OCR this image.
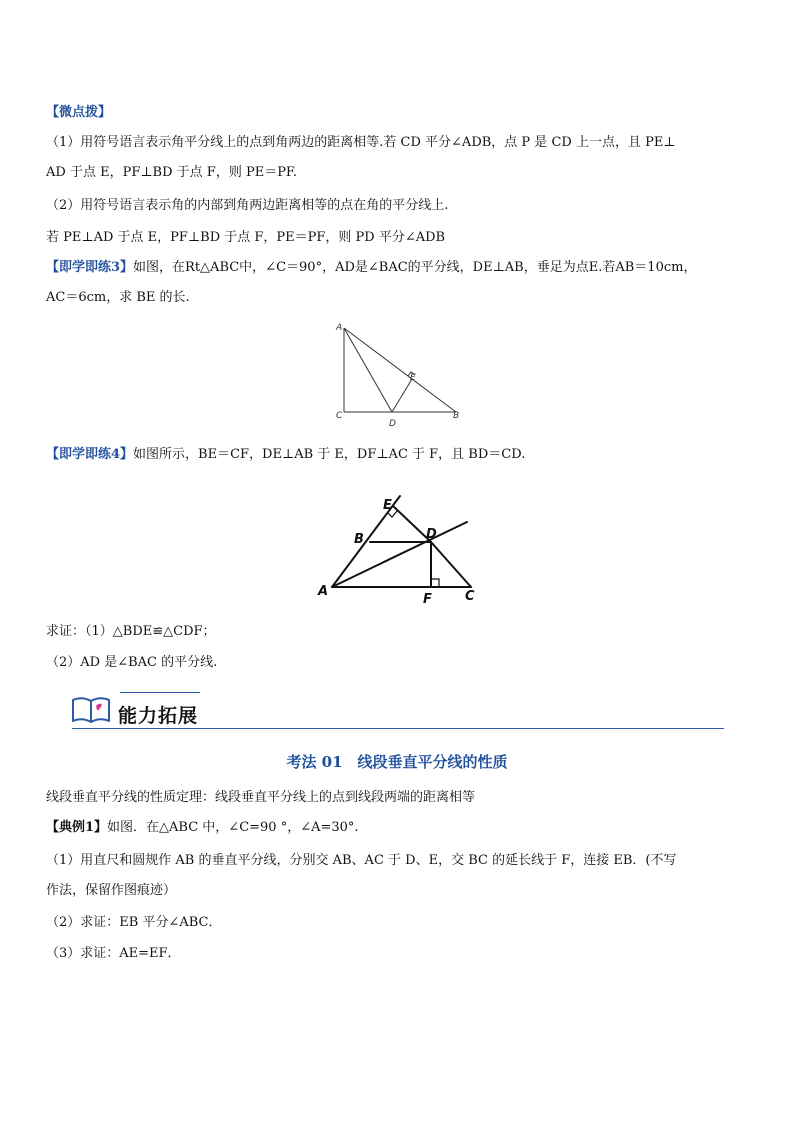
【微点拨】
（1）用符号语言表示角平分线上的点到角两边的距离相等.若 CD 平分∠ADB，点 P 是 CD 上一点，且 PE⊥
AD 于点 E，PF⊥BD 于点 F，则 PE＝PF.
（2）用符号语言表示角的内部到角两边距离相等的点在角的平分线上.
若 PE⊥AD 于点 E，PF⊥BD 于点 F，PE＝PF，则 PD 平分∠ADB
【即学即练3】如图，在Rt△ABC中，∠C＝90°，AD是∠BAC的平分线，DE⊥AB，垂足为点E.若AB＝10cm，
AC＝6cm，求 BE 的长.
A
C
D
E
B
【即学即练4】如图所示，BE＝CF，DE⊥AB 于 E，DF⊥AC 于 F，且 BD＝CD.
E
B	D
A
F	C
求证：（1）△BDE≌△CDF；
（2）AD 是∠BAC 的平分线.
能力拓展
考法 01　线段垂直平分线的性质
线段垂直平分线的性质定理：线段垂直平分线上的点到线段两端的距离相等
【典例1】如图．在△ABC 中，∠C=90 °，∠A=30°.
（1）用直尺和圆规作 AB 的垂直平分线，分别交 AB、AC 于 D、E，交 BC 的延长线于 F，连接 EB．(不写
作法，保留作图痕迹）
（2）求证：EB 平分∠ABC．
（3）求证：AE=EF．
